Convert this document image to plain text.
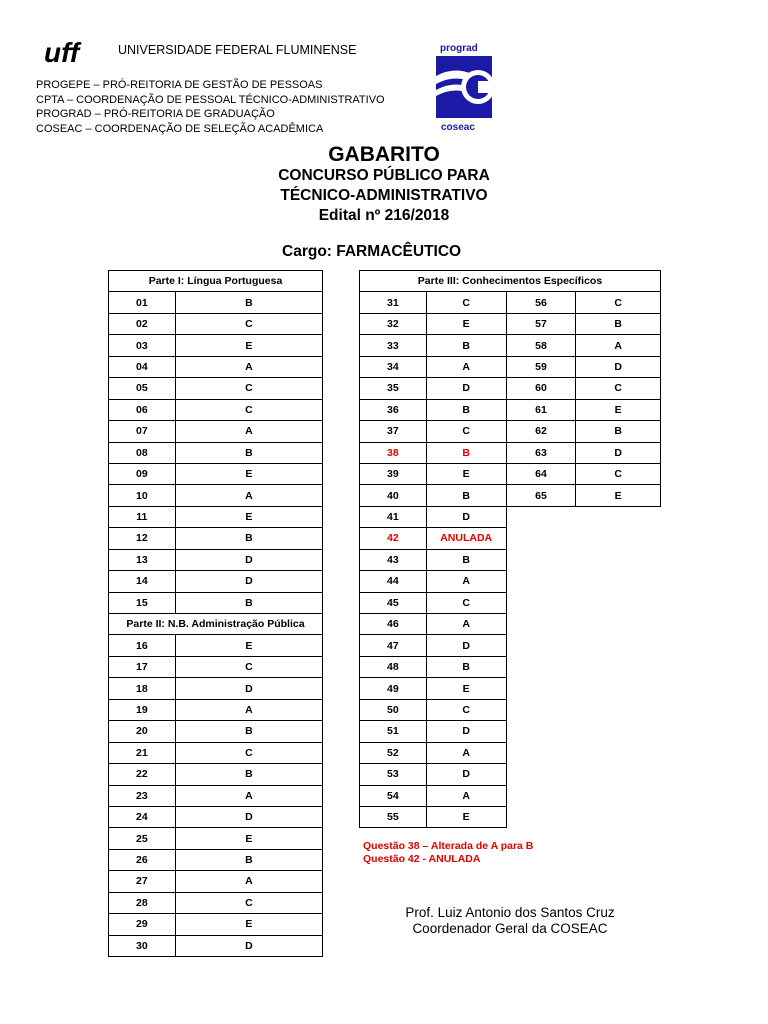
uff	UNIVERSIDADE FEDERAL FLUMINENSE
PROGEPE – PRÓ-REITORIA DE GESTÃO DE PESSOAS
CPTA – COORDENAÇÃO DE PESSOAL TÉCNICO-ADMINISTRATIVO
PROGRAD – PRÓ-REITORIA DE GRADUAÇÃO
COSEAC – COORDENAÇÃO DE SELEÇÃO ACADÊMICA
prograd
coseac
GABARITO
CONCURSO PÚBLICO PARA
TÉCNICO-ADMINISTRATIVO
Edital nº 216/2018
Cargo: FARMACÊUTICO
Parte I: Língua Portuguesa	
01	B
02	C
03	E
04	A
05	C
06	C
07	A
08	B
09	E
10	A
11	E
12	B
13	D
14	D
15	B
Parte II: N.B. Administração Pública	
16	E
17	C
18	D
19	A
20	B
21	C
22	B
23	A
24	D
25	E
26	B
27	A
28	C
29	E
30	D
Parte III: Conhecimentos Específicos			
31	C	56	C
32	E	57	B
33	B	58	A
34	A	59	D
35	D	60	C
36	B	61	E
37	C	62	B
38	B	63	D
39	E	64	C
40	B	65	E
41	D		
42	ANULADA		
43	B		
44	A		
45	C		
46	A		
47	D		
48	B		
49	E		
50	C		
51	D		
52	A		
53	D		
54	A		
55	E		
Questão 38 – Alterada de A para B
Questão 42 - ANULADA
Prof. Luiz Antonio dos Santos Cruz
Coordenador Geral da COSEAC
